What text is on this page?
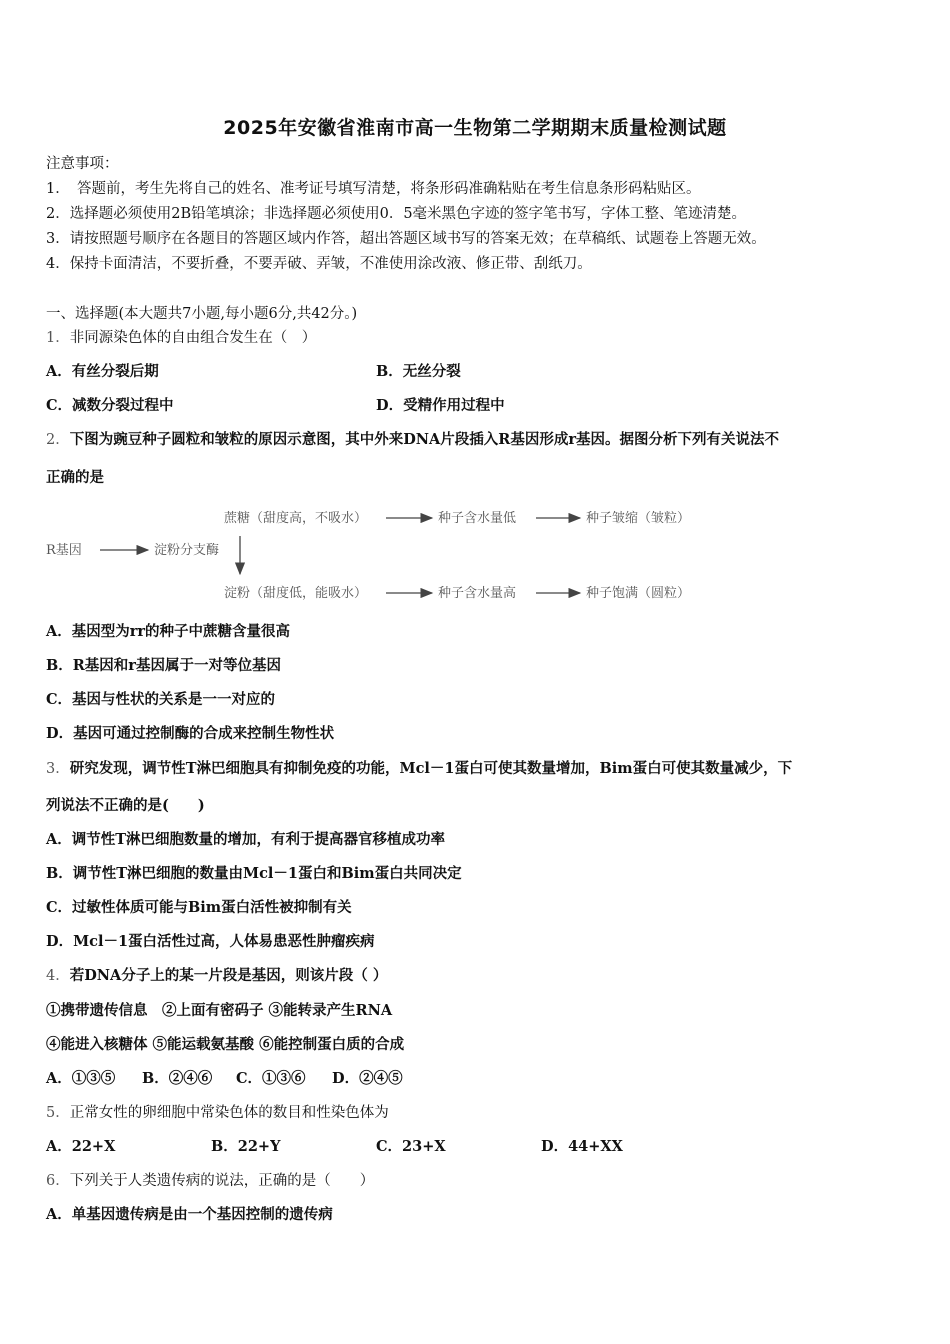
2025年安徽省淮南市高一生物第二学期期末质量检测试题
注意事项：
1．　答题前，考生先将自己的姓名、准考证号填写清楚，将条形码准确粘贴在考生信息条形码粘贴区。
2．选择题必须使用2B铅笔填涂；非选择题必须使用0．5毫米黑色字迹的签字笔书写，字体工整、笔迹清楚。
3．请按照题号顺序在各题目的答题区域内作答，超出答题区域书写的答案无效；在草稿纸、试题卷上答题无效。
4．保持卡面清洁，不要折叠，不要弄破、弄皱，不准使用涂改液、修正带、刮纸刀。
一、选择题(本大题共7小题,每小题6分,共42分。)
1．非同源染色体的自由组合发生在（　）
A．有丝分裂后期	B．无丝分裂
C．减数分裂过程中	D．受精作用过程中
2．下图为豌豆种子圆粒和皱粒的原因示意图，其中外来DNA片段插入R基因形成r基因。据图分析下列有关说法不
正确的是
蔗糖（甜度高，不吸水）	种子含水量低	种子皱缩（皱粒）
R基因	淀粉分支酶
淀粉（甜度低，能吸水）	种子含水量高	种子饱满（圆粒）
A．基因型为rr的种子中蔗糖含量很高
B．R基因和r基因属于一对等位基因
C．基因与性状的关系是一一对应的
D．基因可通过控制酶的合成来控制生物性状
3．研究发现，调节性T淋巴细胞具有抑制免疫的功能，Mcl－1蛋白可使其数量增加，Bim蛋白可使其数量减少，下
列说法不正确的是(　　)
A．调节性T淋巴细胞数量的增加，有利于提高器官移植成功率
B．调节性T淋巴细胞的数量由Mcl－1蛋白和Bim蛋白共同决定
C．过敏性体质可能与Bim蛋白活性被抑制有关
D．Mcl－1蛋白活性过高，人体易患恶性肿瘤疾病
4．若DNA分子上的某一片段是基因，则该片段（ ）
①携带遗传信息　②上面有密码子 ③能转录产生RNA
④能进入核糖体 ⑤能运载氨基酸 ⑥能控制蛋白质的合成
A．①③⑤ B．②④⑥ C．①③⑥ D．②④⑤
5．正常女性的卵细胞中常染色体的数目和性染色体为
A．22+X	B．22+Y	C．23+X	D．44+XX
6．下列关于人类遗传病的说法，正确的是（　　）
A．单基因遗传病是由一个基因控制的遗传病
